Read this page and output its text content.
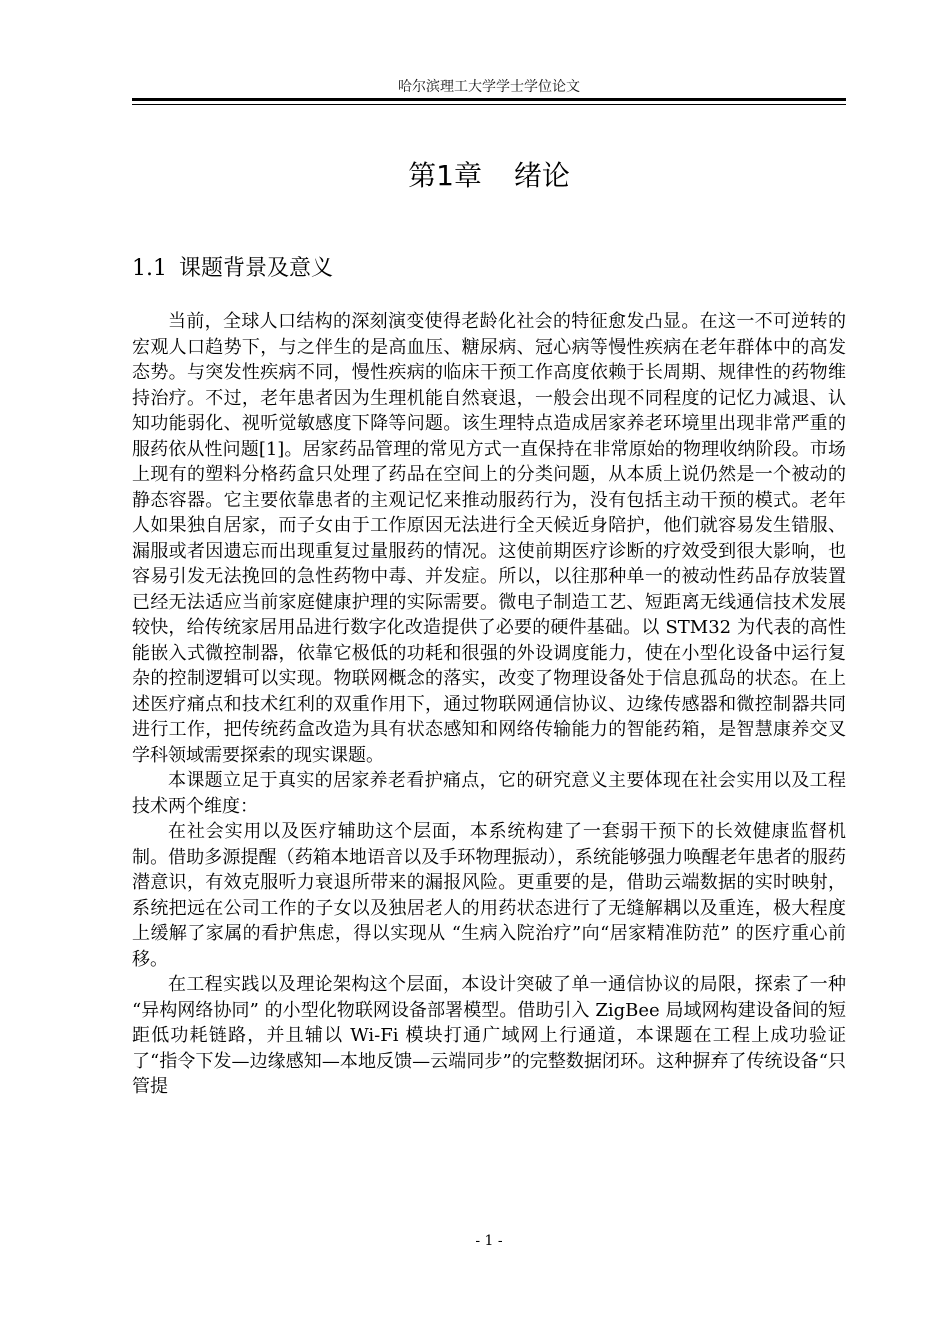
哈尔滨理工大学学士学位论文
第1章 绪论
1.1 课题背景及意义

当前，全球人口结构的深刻演变使得老龄化社会的特征愈发凸显。在这一不可逆转的宏观人口趋势下，与之伴生的是高血压、糖尿病、冠心病等慢性疾病在老年群体中的高发态势。与突发性疾病不同，慢性疾病的临床干预工作高度依赖于长周期、规律性的药物维持治疗。不过，老年患者因为生理机能自然衰退，一般会出现不同程度的记忆力减退、认知功能弱化、视听觉敏感度下降等问题。该生理特点造成居家养老环境里出现非常严重的服药依从性问题[1]。居家药品管理的常见方式一直保持在非常原始的物理收纳阶段。市场上现有的塑料分格药盒只处理了药品在空间上的分类问题，从本质上说仍然是一个被动的静态容器。它主要依靠患者的主观记忆来推动服药行为，没有包括主动干预的模式。老年人如果独自居家，而子女由于工作原因无法进行全天候近身陪护，他们就容易发生错服、漏服或者因遗忘而出现重复过量服药的情况。这使前期医疗诊断的疗效受到很大影响，也容易引发无法挽回的急性药物中毒、并发症。所以，以往那种单一的被动性药品存放装置已经无法适应当前家庭健康护理的实际需要。微电子制造工艺、短距离无线通信技术发展较快，给传统家居用品进行数字化改造提供了必要的硬件基础。以 STM32 为代表的高性能嵌入式微控制器，依靠它极低的功耗和很强的外设调度能力，使在小型化设备中运行复杂的控制逻辑可以实现。物联网概念的落实，改变了物理设备处于信息孤岛的状态。在上述医疗痛点和技术红利的双重作用下，通过物联网通信协议、边缘传感器和微控制器共同进行工作，把传统药盒改造为具有状态感知和网络传输能力的智能药箱，是智慧康养交叉学科领域需要探索的现实课题。

本课题立足于真实的居家养老看护痛点，它的研究意义主要体现在社会实用以及工程技术两个维度：

在社会实用以及医疗辅助这个层面，本系统构建了一套弱干预下的长效健康监督机制。借助多源提醒（药箱本地语音以及手环物理振动），系统能够强力唤醒老年患者的服药潜意识，有效克服听力衰退所带来的漏报风险。更重要的是，借助云端数据的实时映射，系统把远在公司工作的子女以及独居老人的用药状态进行了无缝解耦以及重连，极大程度上缓解了家属的看护焦虑，得以实现从 “生病入院治疗”向“居家精准防范” 的医疗重心前移。

在工程实践以及理论架构这个层面，本设计突破了单一通信协议的局限，探索了一种 “异构网络协同” 的小型化物联网设备部署模型。借助引入 ZigBee 局域网构建设备间的短距低功耗链路，并且辅以 Wi-Fi 模块打通广域网上行通道，本课题在工程上成功验证了“指令下发—边缘感知—本地反馈—云端同步”的完整数据闭环。这种摒弃了传统设备“只管提

- 1 -
